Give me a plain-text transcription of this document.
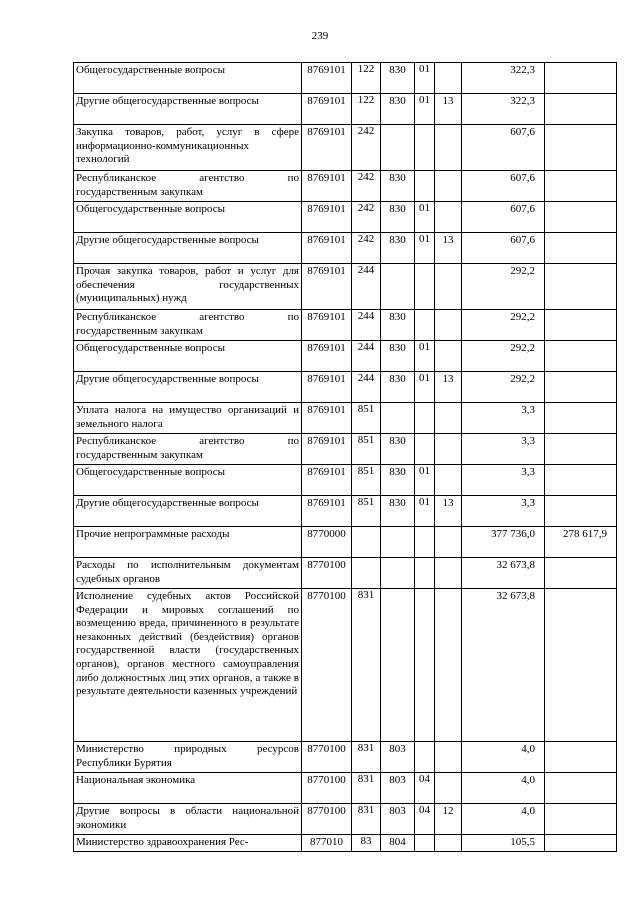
239
Общегосударственные вопросы	8769101	122	830	01		322,3	
Другие общегосударственные вопросы	8769101	122	830	01	13	322,3	
Закупка товаров, работ, услуг в сфере информационно-коммуникационных технологий	8769101	242				607,6	
Республиканское агентство по государственным закупкам	8769101	242	830			607,6	
Общегосударственные вопросы	8769101	242	830	01		607,6	
Другие общегосударственные вопросы	8769101	242	830	01	13	607,6	
Прочая закупка товаров, работ и услуг для обеспечения государственных (муниципальных) нужд	8769101	244				292,2	
Республиканское агентство по государственным закупкам	8769101	244	830			292,2	
Общегосударственные вопросы	8769101	244	830	01		292,2	
Другие общегосударственные вопросы	8769101	244	830	01	13	292,2	
Уплата налога на имущество организаций и земельного налога	8769101	851				3,3	
Республиканское агентство по государственным закупкам	8769101	851	830			3,3	
Общегосударственные вопросы	8769101	851	830	01		3,3	
Другие общегосударственные вопросы	8769101	851	830	01	13	3,3	
Прочие непрограммные расходы	8770000					377 736,0	278 617,9
Расходы по исполнительным документам судебных органов	8770100					32 673,8	
Исполнение судебных актов Российской Федерации и мировых соглашений по возмещению вреда, причиненного в результате незаконных действий (бездействия) органов государственной власти (государственных органов), органов местного самоуправления либо должностных лиц этих органов, а также в результате деятельности казенных учреждений	8770100	831				32 673,8	
Министерство природных ресурсов Республики Бурятия	8770100	831	803			4,0	
Национальная экономика	8770100	831	803	04		4,0	
Другие вопросы в области национальной экономики	8770100	831	803	04	12	4,0	
Министерство здравоохранения Рес-	877010	83	804			105,5	
